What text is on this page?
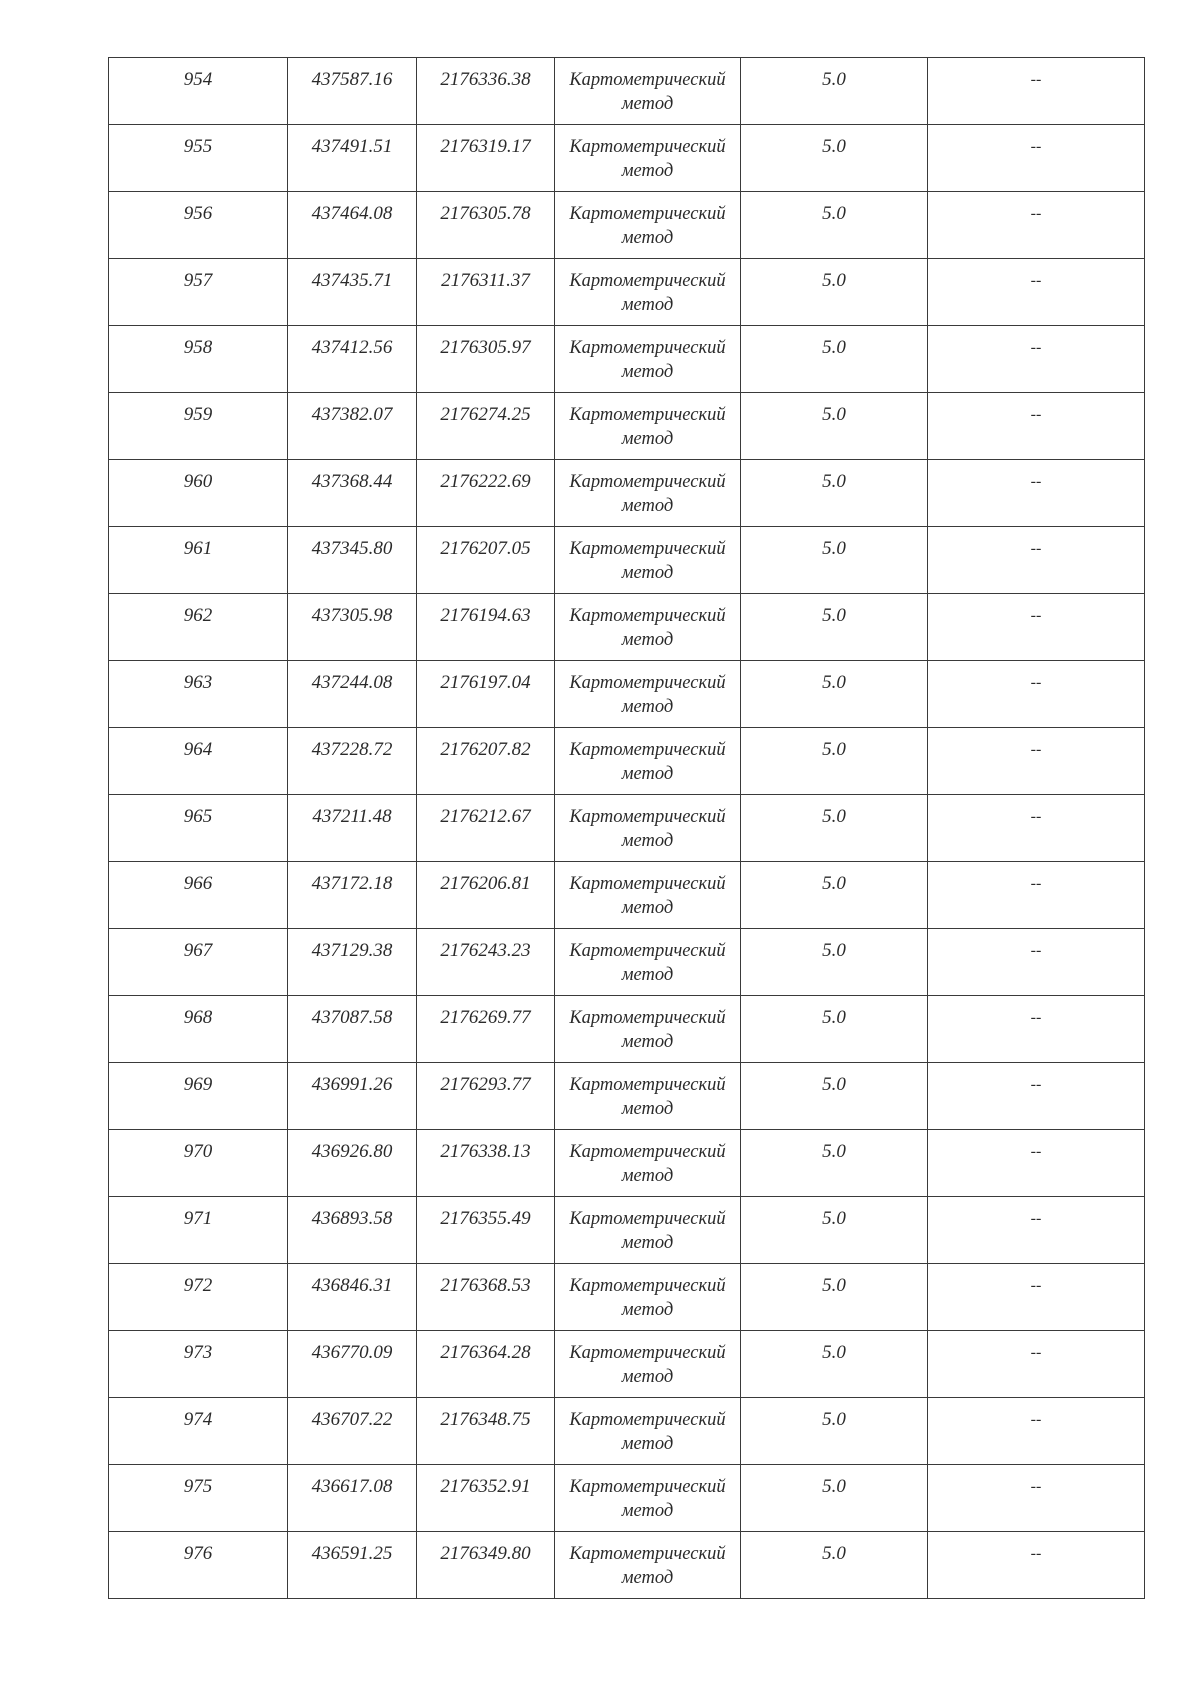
954	437587.16	2176336.38	Картометрический
метод	5.0	--
955	437491.51	2176319.17	Картометрический
метод	5.0	--
956	437464.08	2176305.78	Картометрический
метод	5.0	--
957	437435.71	2176311.37	Картометрический
метод	5.0	--
958	437412.56	2176305.97	Картометрический
метод	5.0	--
959	437382.07	2176274.25	Картометрический
метод	5.0	--
960	437368.44	2176222.69	Картометрический
метод	5.0	--
961	437345.80	2176207.05	Картометрический
метод	5.0	--
962	437305.98	2176194.63	Картометрический
метод	5.0	--
963	437244.08	2176197.04	Картометрический
метод	5.0	--
964	437228.72	2176207.82	Картометрический
метод	5.0	--
965	437211.48	2176212.67	Картометрический
метод	5.0	--
966	437172.18	2176206.81	Картометрический
метод	5.0	--
967	437129.38	2176243.23	Картометрический
метод	5.0	--
968	437087.58	2176269.77	Картометрический
метод	5.0	--
969	436991.26	2176293.77	Картометрический
метод	5.0	--
970	436926.80	2176338.13	Картометрический
метод	5.0	--
971	436893.58	2176355.49	Картометрический
метод	5.0	--
972	436846.31	2176368.53	Картометрический
метод	5.0	--
973	436770.09	2176364.28	Картометрический
метод	5.0	--
974	436707.22	2176348.75	Картометрический
метод	5.0	--
975	436617.08	2176352.91	Картометрический
метод	5.0	--
976	436591.25	2176349.80	Картометрический
метод	5.0	--
